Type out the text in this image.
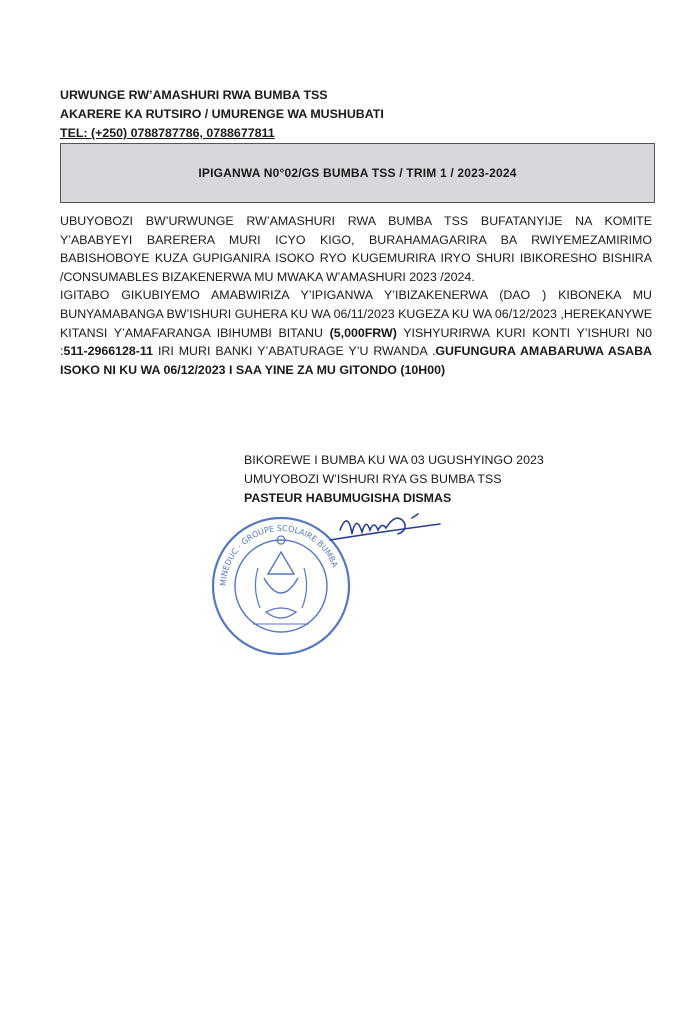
URWUNGE RW’AMASHURI RWA BUMBA TSS
AKARERE KA RUTSIRO / UMURENGE WA MUSHUBATI
TEL: (+250) 0788787786, 0788677811
IPIGANWA N0°02/GS BUMBA TSS / TRIM 1 / 2023-2024

UBUYOBOZI BW’URWUNGE RW’AMASHURI RWA BUMBA TSS BUFATANYIJE NA KOMITE Y’ABABYEYI BARERERA MURI ICYO KIGO, BURAHAMAGARIRA BA RWIYEMEZAMIRIMO BABISHOBOYE KUZA GUPIGANIRA ISOKO RYO KUGEMURIRA IRYO SHURI IBIKORESHO BISHIRA /CONSUMABLES BIZAKENERWA MU MWAKA W’AMASHURI 2023 /2024.

IGITABO GIKUBIYEMO AMABWIRIZA Y’IPIGANWA Y’IBIZAKENERWA (DAO ) KIBONEKA MU BUNYAMABANGA BW’ISHURI GUHERA KU WA 06/11/2023 KUGEZA KU WA 06/12/2023 ,HEREKANYWE KITANSI Y’AMAFARANGA IBIHUMBI BITANU (5,000FRW) YISHYURIRWA KURI KONTI Y’ISHURI N0 :511-2966128-11 IRI MURI BANKI Y’ABATURAGE Y’U RWANDA .GUFUNGURA AMABARUWA ASABA ISOKO NI KU WA 06/12/2023 I SAA YINE ZA MU GITONDO (10H00)

BIKOREWE I BUMBA KU WA 03 UGUSHYINGO 2023
UMUYOBOZI W’ISHURI RYA GS BUMBA TSS
PASTEUR HABUMUGISHA DISMAS
MINEDUC - GROUPE SCOLAIRE BUMBA
